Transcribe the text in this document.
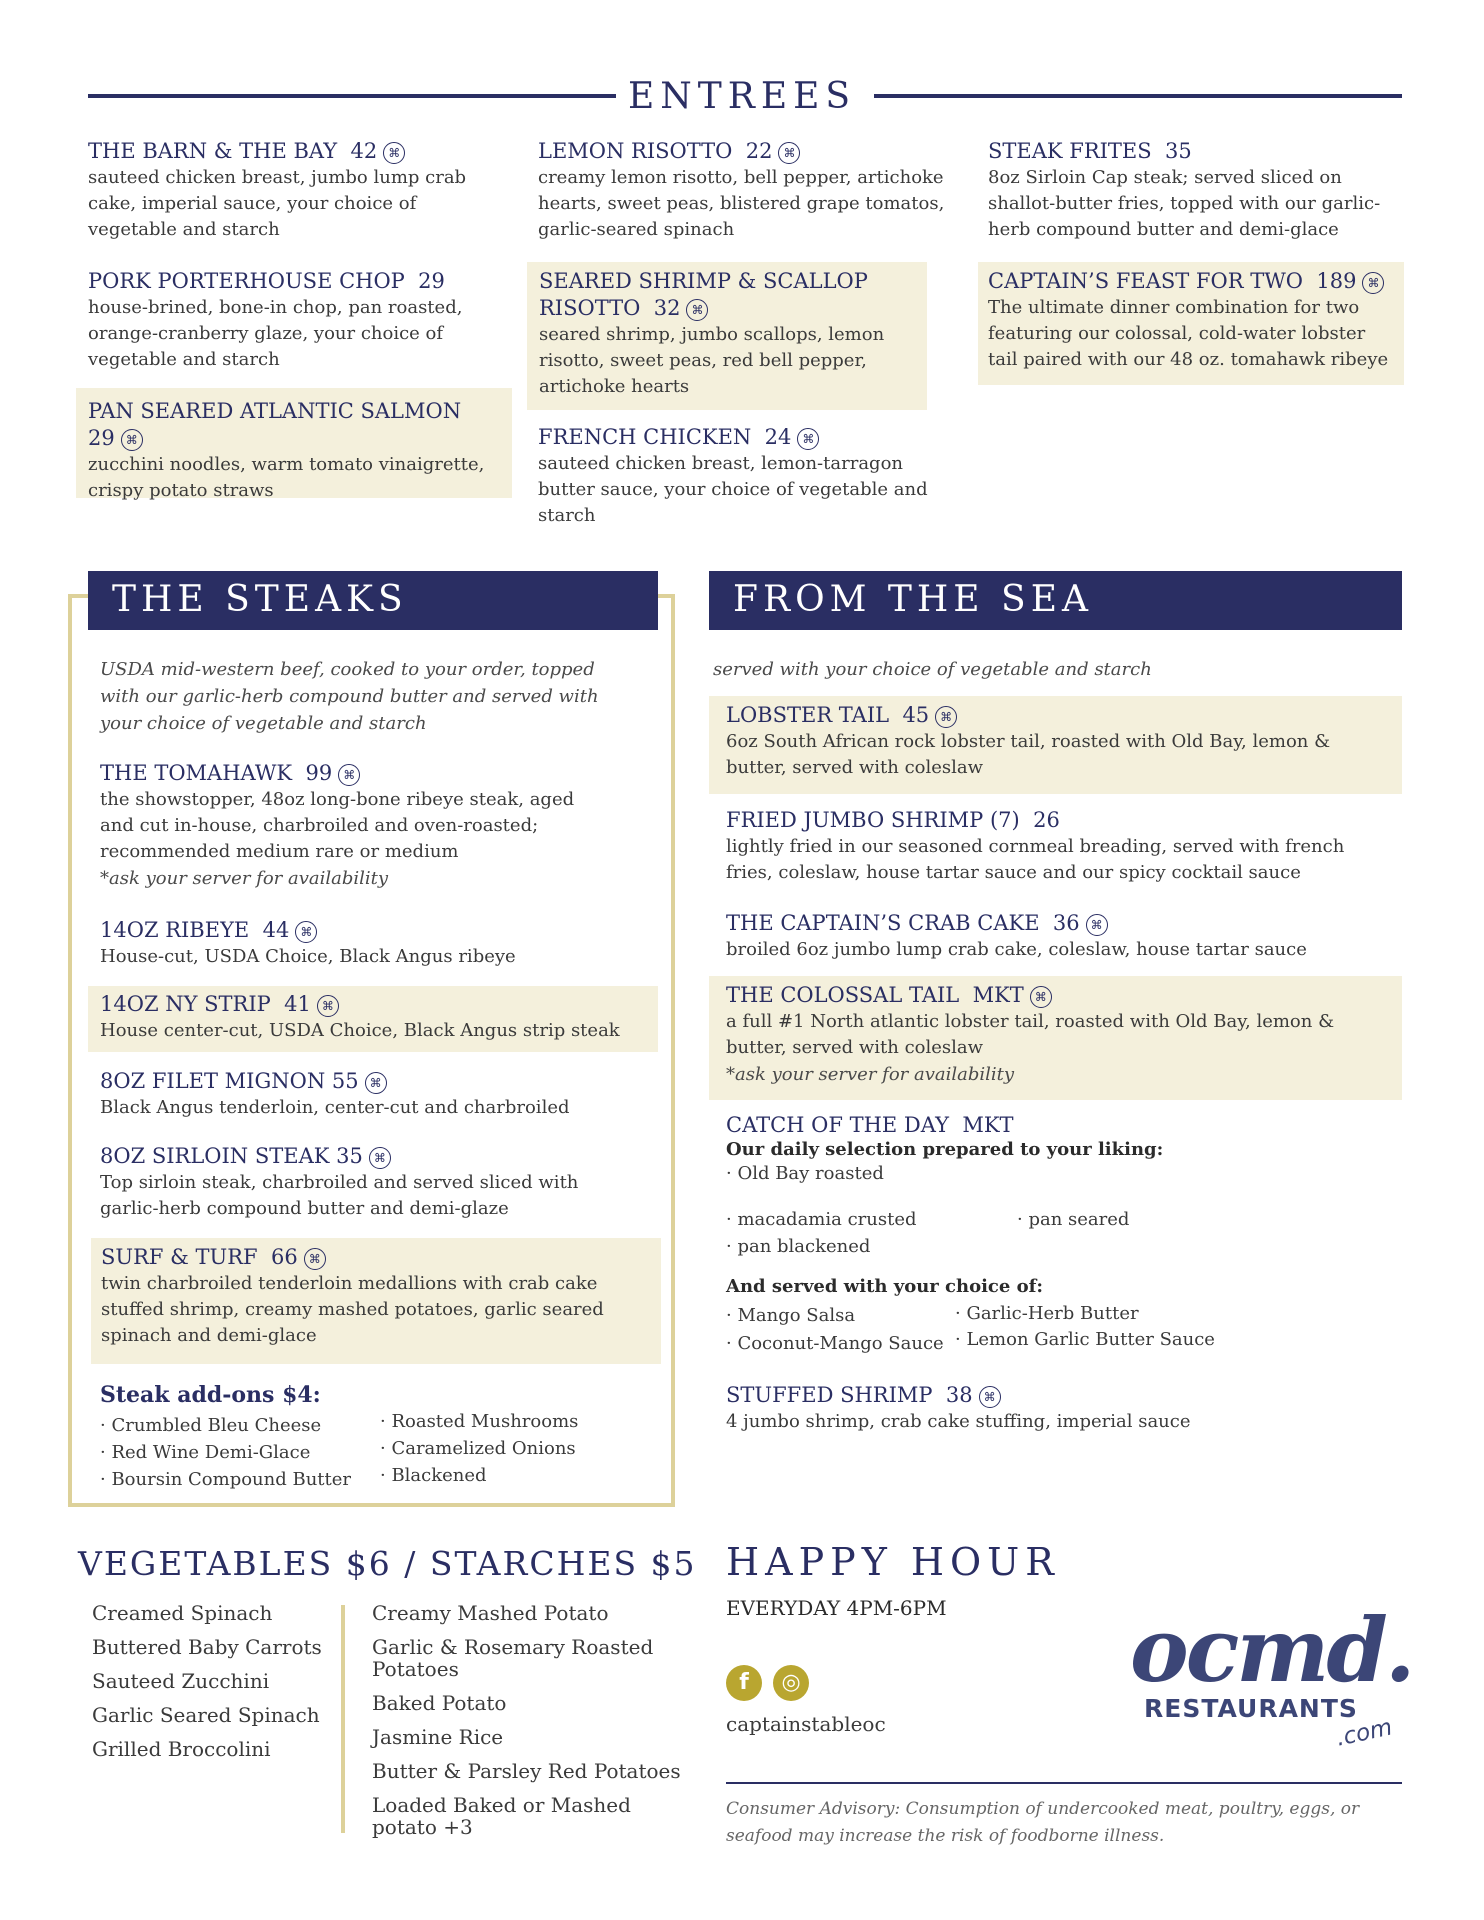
ENTREES
THE BARN & THE BAY 42 ⌘
sauteed chicken breast, jumbo lump crab cake, imperial sauce, your choice of vegetable and starch
PORK PORTERHOUSE CHOP 29
house-brined, bone-in chop, pan roasted, orange-cranberry glaze, your choice of vegetable and starch
PAN SEARED ATLANTIC SALMON  29 ⌘
zucchini noodles, warm tomato vinaigrette, crispy potato straws
LEMON RISOTTO 22 ⌘
creamy lemon risotto, bell pepper, artichoke hearts, sweet peas, blistered grape tomatos, garlic-seared spinach
SEARED SHRIMP & SCALLOP RISOTTO 32 ⌘
seared shrimp, jumbo scallops, lemon risotto, sweet peas, red bell pepper, artichoke hearts
FRENCH CHICKEN 24 ⌘
sauteed chicken breast, lemon-tarragon butter sauce, your choice of vegetable and starch
STEAK FRITES 35
8oz Sirloin Cap steak; served sliced on shallot-butter fries, topped with our garlic-herb compound butter and demi-glace
CAPTAIN’S FEAST FOR TWO 189 ⌘
The ultimate dinner combination for two featuring our colossal, cold-water lobster tail paired with our 48 oz. tomahawk ribeye
THE STEAKS
USDA mid-western beef, cooked to your order, topped with our garlic-herb compound butter and served with your choice of vegetable and starch
THE TOMAHAWK 99 ⌘
the showstopper, 48oz long-bone ribeye steak, aged and cut in-house, charbroiled and oven-roasted; recommended medium rare or medium
*ask your server for availability
14OZ RIBEYE 44 ⌘
House-cut, USDA Choice, Black Angus ribeye
14OZ NY STRIP 41 ⌘
House center-cut, USDA Choice, Black Angus strip steak
8OZ FILET MIGNON 55 ⌘
Black Angus tenderloin, center-cut and charbroiled
8OZ SIRLOIN STEAK 35 ⌘
Top sirloin steak, charbroiled and served sliced with garlic-herb compound butter and demi-glaze
SURF & TURF 66 ⌘
twin charbroiled tenderloin medallions with crab cake stuffed shrimp, creamy mashed potatoes, garlic seared spinach and demi-glace
Steak add-ons $4:
· Crumbled Bleu Cheese
· Red Wine Demi-Glace
· Boursin Compound Butter
· Roasted Mushrooms
· Caramelized Onions
· Blackened
FROM THE SEA
served with your choice of vegetable and starch
LOBSTER TAIL 45 ⌘
6oz South African rock lobster tail, roasted with Old Bay, lemon & butter, served with coleslaw
FRIED JUMBO SHRIMP (7) 26
lightly fried in our seasoned cornmeal breading, served with french fries, coleslaw, house tartar sauce and our spicy cocktail sauce
THE CAPTAIN’S CRAB CAKE 36 ⌘
broiled 6oz jumbo lump crab cake, coleslaw, house tartar sauce
THE COLOSSAL TAIL MKT ⌘
a full #1 North atlantic lobster tail, roasted with Old Bay, lemon & butter, served with coleslaw
*ask your server for availability
CATCH OF THE DAY MKT
Our daily selection prepared to your liking:
· Old Bay roasted
· macadamia crusted	· pan seared
· pan blackened
And served with your choice of:
· Mango Salsa	· Garlic-Herb Butter
· Coconut-Mango Sauce · Lemon Garlic Butter Sauce
STUFFED SHRIMP 38 ⌘
4 jumbo shrimp, crab cake stuffing, imperial sauce
VEGETABLES $6 / STARCHES $5
Creamed Spinach
Buttered Baby Carrots
Sauteed Zucchini
Garlic Seared Spinach
Grilled Broccolini
Creamy Mashed Potato
Garlic & Rosemary Roasted Potatoes
Baked Potato
Jasmine Rice
Butter & Parsley Red Potatoes
Loaded Baked or Mashed potato +3
HAPPY HOUR
EVERYDAY 4PM-6PM
f ◎
captainstableoc
ocmd.
RESTAURANTS
.com
Consumer Advisory: Consumption of undercooked meat, poultry, eggs, or seafood may increase the risk of foodborne illness.
